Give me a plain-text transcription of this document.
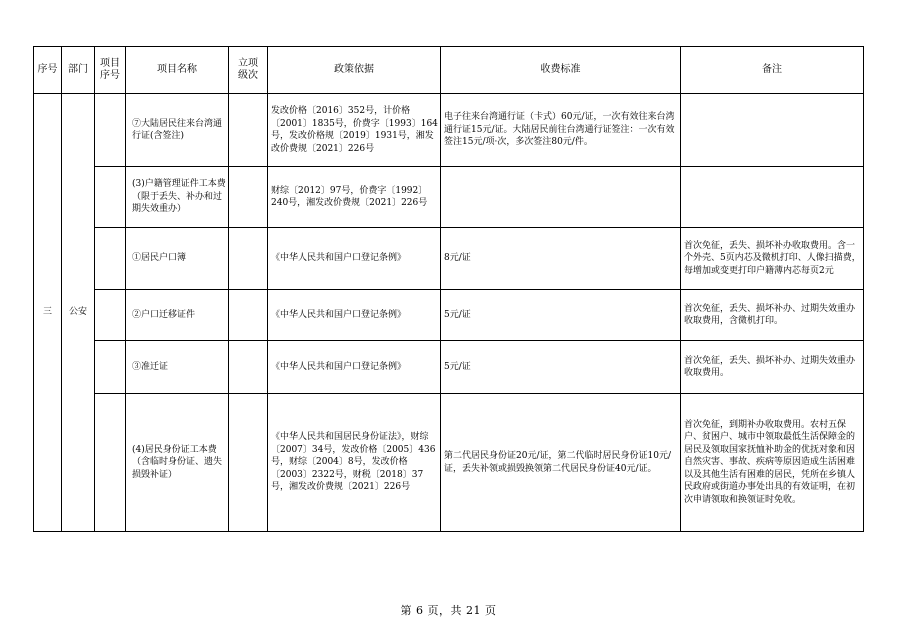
序号	部门	项目序号	项目名称	立项级次	政策依据	收费标准	备注
三	公安		⑦大陆居民往来台湾通行证(含签注)		发改价格〔2016〕352号，计价格〔2001〕1835号，价费字〔1993〕164号，发改价格规〔2019〕1931号，湘发改价费规〔2021〕226号	电子往来台湾通行证（卡式）60元/证，一次有效往来台湾通行证15元/证。大陆居民前往台湾通行证签注：一次有效签注15元/项·次，多次签注80元/件。	
			(3)户籍管理证件工本费（限于丢失、补办和过期失效重办）		财综〔2012〕97号，价费字〔1992〕240号，湘发改价费规〔2021〕226号		
			①居民户口簿		《中华人民共和国户口登记条例》	8元/证	首次免征，丢失、损坏补办收取费用。含一个外壳、5页内芯及微机打印、人像扫描费，每增加或变更打印户籍薄内芯每页2元
			②户口迁移证件		《中华人民共和国户口登记条例》	5元/证	首次免征，丢失、损坏补办、过期失效重办收取费用，含微机打印。
			③准迁证		《中华人民共和国户口登记条例》	5元/证	首次免征，丢失、损坏补办、过期失效重办收取费用。
			(4)居民身份证工本费（含临时身份证、遗失损毁补证）		《中华人民共和国居民身份证法》，财综〔2007〕34号，发改价格〔2005〕436号，财综〔2004〕8号，发改价格〔2003〕2322号，财税〔2018〕37号，湘发改价费规〔2021〕226号	第二代居民身份证20元/证，第二代临时居民身份证10元/证，丢失补领或损毁换领第二代居民身份证40元/证。	首次免征，到期补办收取费用。农村五保户、贫困户、城市中领取最低生活保障金的居民及领取国家抚恤补助金的优抚对象和因自然灾害、事故、疾病等原因造成生活困难以及其他生活有困难的居民，凭所在乡镇人民政府或街道办事处出具的有效证明，在初次申请领取和换领证时免收。
第 6 页，共 21 页
